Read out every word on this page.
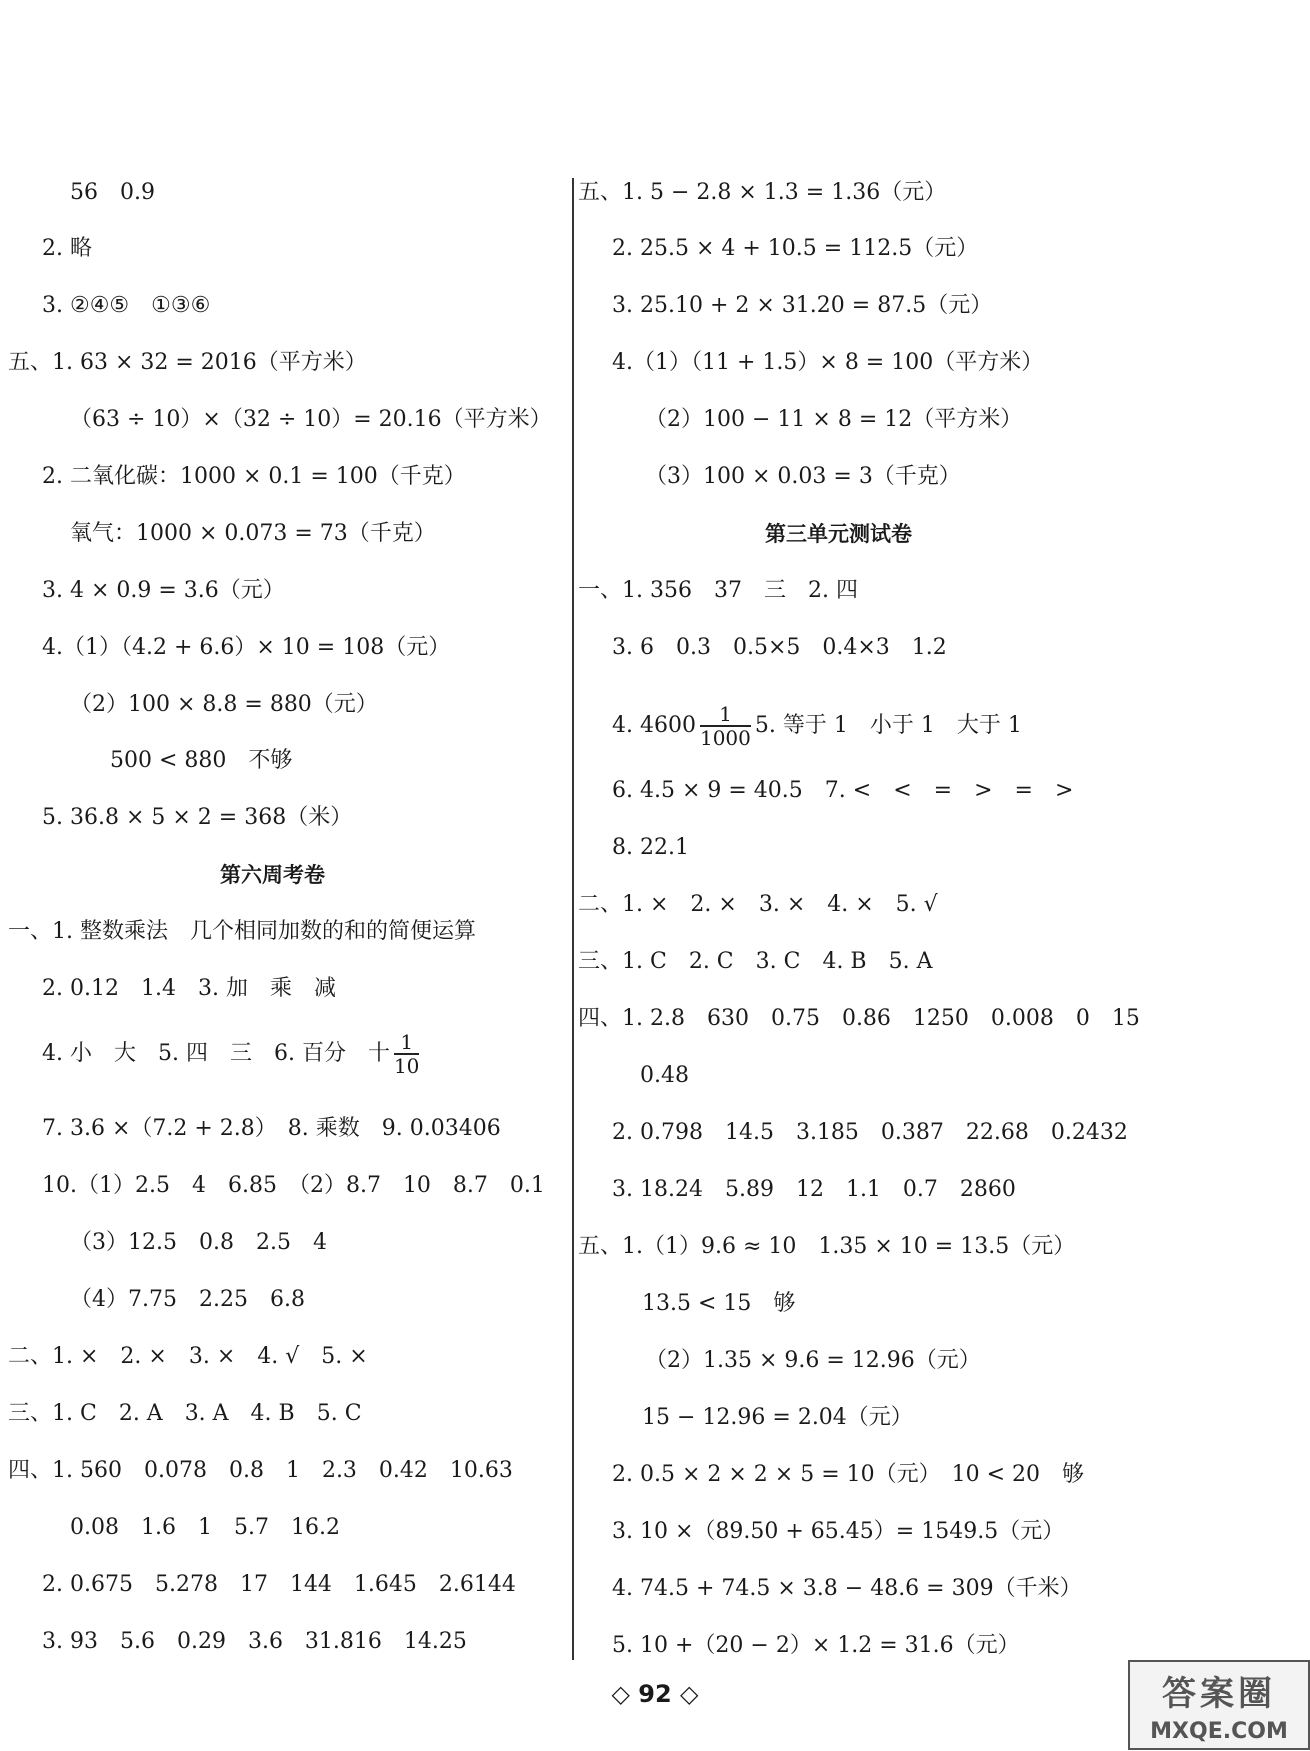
56　0.9
2. 略
3. ②④⑤　①③⑥
五、1. 63 × 32 = 2016（平方米）
（63 ÷ 10）×（32 ÷ 10）= 20.16（平方米）
2. 二氧化碳：1000 × 0.1 = 100（千克）
氧气：1000 × 0.073 = 73（千克）
3. 4 × 0.9 = 3.6（元）
4.（1）（4.2 + 6.6）× 10 = 108（元）
（2）100 × 8.8 = 880（元）
500 < 880　不够
5. 36.8 × 5 × 2 = 368（米）
第六周考卷
一、1. 整数乘法　几个相同加数的和的简便运算
2. 0.12　1.4　3. 加　乘　减
4. 小　大　5. 四　三　6. 百分　十 $\frac{1}{10}$
7. 3.6 ×（7.2 + 2.8）　8. 乘数　9. 0.03406
10.（1）2.5　4　6.85　（2）8.7　10　8.7　0.1
（3）12.5　0.8　2.5　4
（4）7.75　2.25　6.8
二、1. ×　2. ×　3. ×　4. √　5. ×
三、1. C　2. A　3. A　4. B　5. C
四、1. 560　0.078　0.8　1　2.3　0.42　10.63
0.08　1.6　1　5.7　16.2
2. 0.675　5.278　17　144　1.645　2.6144
3. 93　5.6　0.29　3.6　31.816　14.25
五、1. 5 − 2.8 × 1.3 = 1.36（元）
2. 25.5 × 4 + 10.5 = 112.5（元）
3. 25.10 + 2 × 31.20 = 87.5（元）
4.（1）（11 + 1.5）× 8 = 100（平方米）
（2）100 − 11 × 8 = 12（平方米）
（3）100 × 0.03 = 3（千克）
第三单元测试卷
一、1. 356　37　三　2. 四
3. 6　0.3　0.5×5　0.4×3　1.2
4. $4600 \frac{1}{1000} 5$. 等于 1　小于 1　大于 1
6. 4.5 × 9 = 40.5　7. <　<　=　>　=　>
8. 22.1
二、1. ×　2. ×　3. ×　4. ×　5. √
三、1. C　2. C　3. C　4. B　5. A
四、1. 2.8　630　0.75　0.86　1250　0.008　0　15
0.48
2. 0.798　14.5　3.185　0.387　22.68　0.2432
3. 18.24　5.89　12　1.1　0.7　2860
五、1.（1）9.6 ≈ 10　1.35 × 10 = 13.5（元）
13.5 < 15　够
（2）1.35 × 9.6 = 12.96（元）
15 − 12.96 = 2.04（元）
2. 0.5 × 2 × 2 × 5 = 10（元）　10 < 20　够
3. 10 ×（89.50 + 65.45）= 1549.5（元）
4. 74.5 + 74.5 × 3.8 − 48.6 = 309（千米）
5. 10 +（20 − 2）× 1.2 = 31.6（元）
◇ 92 ◇	答案圈
MXQE.COM
